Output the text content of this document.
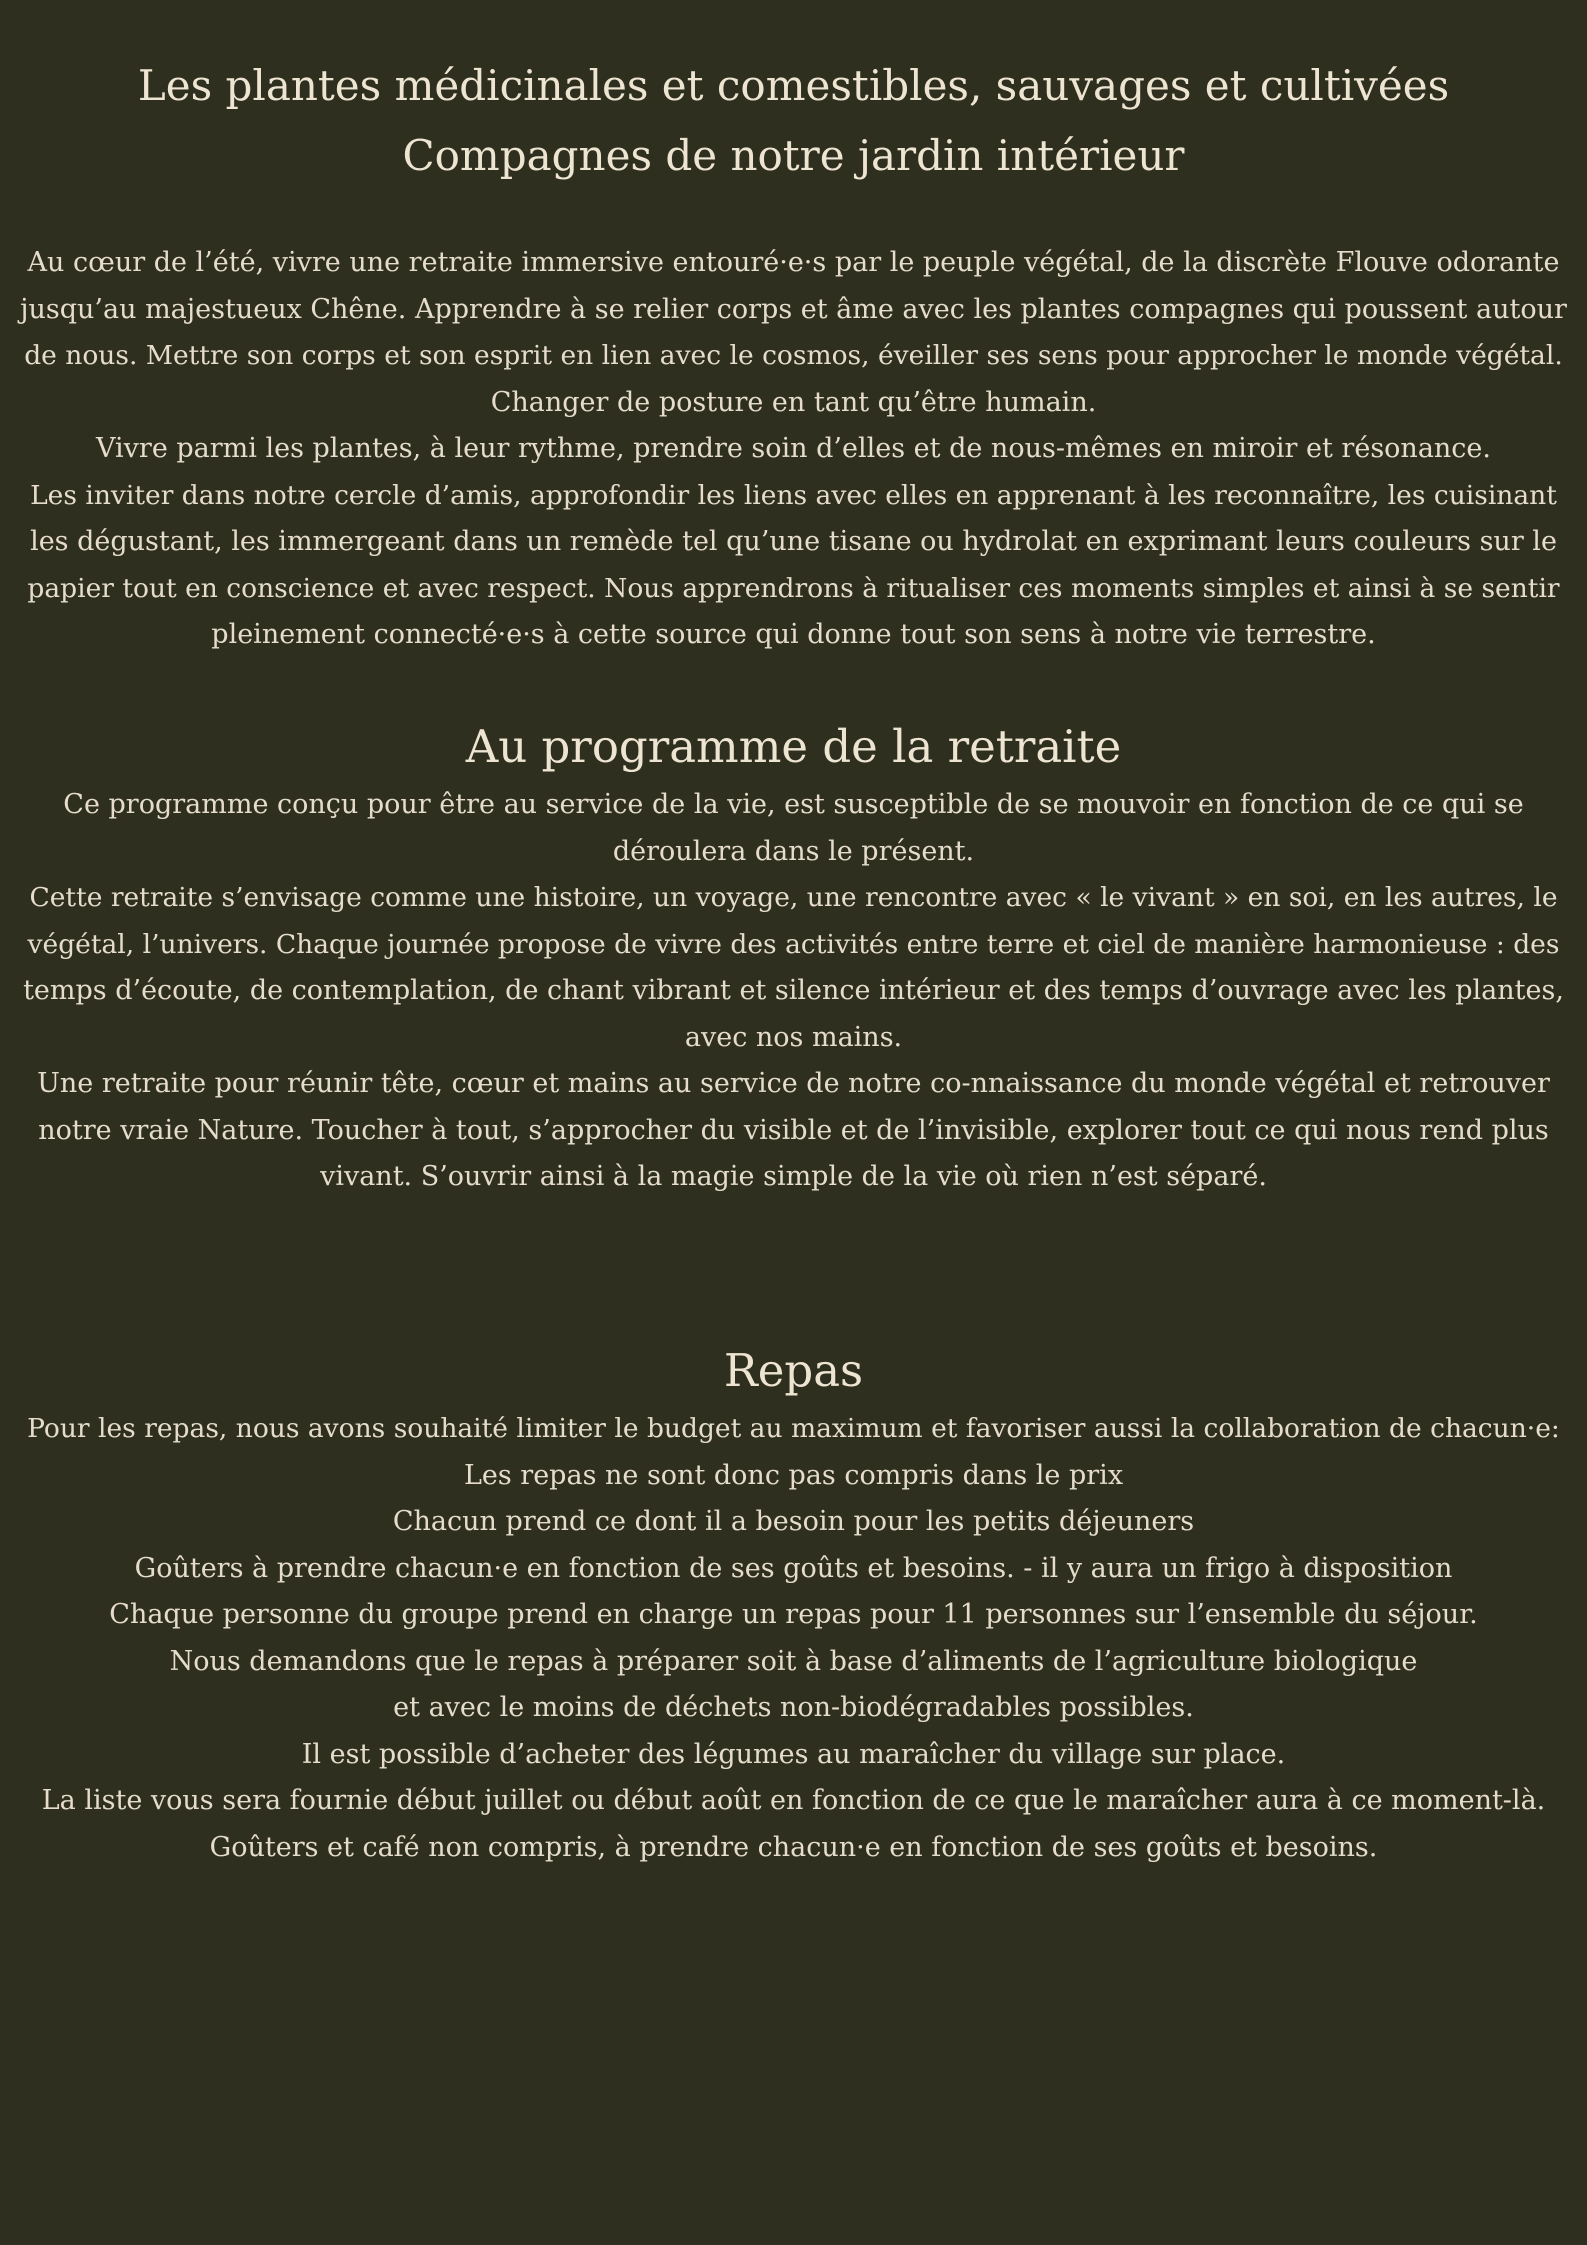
Les plantes médicinales et comestibles, sauvages et cultivées
Compagnes de notre jardin intérieur

Au cœur de l’été, vivre une retraite immersive entouré·e·s par le peuple végétal, de la discrète Flouve odorante
jusqu’au majestueux Chêne. Apprendre à se relier corps et âme avec les plantes compagnes qui poussent autour
de nous. Mettre son corps et son esprit en lien avec le cosmos, éveiller ses sens pour approcher le monde végétal.
Changer de posture en tant qu’être humain.
Vivre parmi les plantes, à leur rythme, prendre soin d’elles et de nous-mêmes en miroir et résonance.
Les inviter dans notre cercle d’amis, approfondir les liens avec elles en apprenant à les reconnaître, les cuisinant
les dégustant, les immergeant dans un remède tel qu’une tisane ou hydrolat en exprimant leurs couleurs sur le
papier tout en conscience et avec respect. Nous apprendrons à ritualiser ces moments simples et ainsi à se sentir
pleinement connecté·e·s à cette source qui donne tout son sens à notre vie terrestre.

Au programme de la retraite

Ce programme conçu pour être au service de la vie, est susceptible de se mouvoir en fonction de ce qui se
déroulera dans le présent.
Cette retraite s’envisage comme une histoire, un voyage, une rencontre avec « le vivant » en soi, en les autres, le
végétal, l’univers. Chaque journée propose de vivre des activités entre terre et ciel de manière harmonieuse : des
temps d’écoute, de contemplation, de chant vibrant et silence intérieur et des temps d’ouvrage avec les plantes,
avec nos mains.
Une retraite pour réunir tête, cœur et mains au service de notre co-nnaissance du monde végétal et retrouver
notre vraie Nature. Toucher à tout, s’approcher du visible et de l’invisible, explorer tout ce qui nous rend plus
vivant. S’ouvrir ainsi à la magie simple de la vie où rien n’est séparé.

Repas

Pour les repas, nous avons souhaité limiter le budget au maximum et favoriser aussi la collaboration de chacun·e:
Les repas ne sont donc pas compris dans le prix
Chacun prend ce dont il a besoin pour les petits déjeuners
Goûters à prendre chacun·e en fonction de ses goûts et besoins. - il y aura un frigo à disposition
Chaque personne du groupe prend en charge un repas pour 11 personnes sur l’ensemble du séjour.
Nous demandons que le repas à préparer soit à base d’aliments de l’agriculture biologique
et avec le moins de déchets non-biodégradables possibles.
Il est possible d’acheter des légumes au maraîcher du village sur place.
La liste vous sera fournie début juillet ou début août en fonction de ce que le maraîcher aura à ce moment-là.
Goûters et café non compris, à prendre chacun·e en fonction de ses goûts et besoins.
